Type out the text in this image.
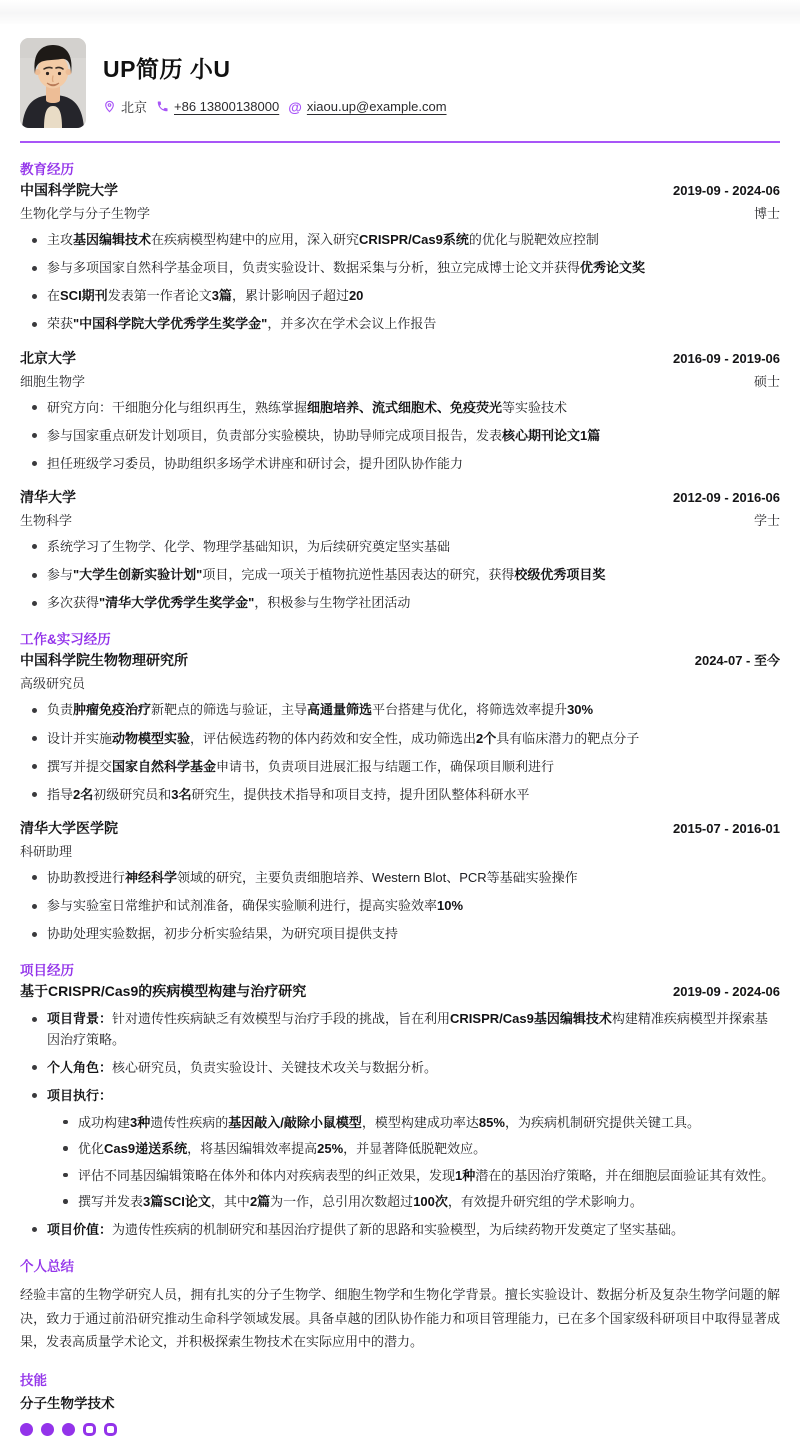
UP简历 小U
北京 +86 13800138000 @ xiaou.up@example.com
教育经历
中国科学院大学	2019-09 - 2024-06
生物化学与分子生物学	博士
主攻基因编辑技术在疾病模型构建中的应用，深入研究CRISPR/Cas9系统的优化与脱靶效应控制
参与多项国家自然科学基金项目，负责实验设计、数据采集与分析，独立完成博士论文并获得优秀论文奖
在SCI期刊发表第一作者论文3篇，累计影响因子超过20
荣获"中国科学院大学优秀学生奖学金"，并多次在学术会议上作报告
北京大学	2016-09 - 2019-06
细胞生物学	硕士
研究方向：干细胞分化与组织再生，熟练掌握细胞培养、流式细胞术、免疫荧光等实验技术
参与国家重点研发计划项目，负责部分实验模块，协助导师完成项目报告，发表核心期刊论文1篇
担任班级学习委员，协助组织多场学术讲座和研讨会，提升团队协作能力
清华大学	2012-09 - 2016-06
生物科学	学士
系统学习了生物学、化学、物理学基础知识，为后续研究奠定坚实基础
参与"大学生创新实验计划"项目，完成一项关于植物抗逆性基因表达的研究，获得校级优秀项目奖
多次获得"清华大学优秀学生奖学金"，积极参与生物学社团活动
工作&实习经历
中国科学院生物物理研究所	2024-07 - 至今
高级研究员
负责肿瘤免疫治疗新靶点的筛选与验证，主导高通量筛选平台搭建与优化，将筛选效率提升30%
设计并实施动物模型实验，评估候选药物的体内药效和安全性，成功筛选出2个具有临床潜力的靶点分子
撰写并提交国家自然科学基金申请书，负责项目进展汇报与结题工作，确保项目顺利进行
指导2名初级研究员和3名研究生，提供技术指导和项目支持，提升团队整体科研水平
清华大学医学院	2015-07 - 2016-01
科研助理
协助教授进行神经科学领域的研究，主要负责细胞培养、Western Blot、PCR等基础实验操作
参与实验室日常维护和试剂准备，确保实验顺利进行，提高实验效率10%
协助处理实验数据，初步分析实验结果，为研究项目提供支持
项目经历
基于CRISPR/Cas9的疾病模型构建与治疗研究	2019-09 - 2024-06
项目背景：针对遗传性疾病缺乏有效模型与治疗手段的挑战，旨在利用CRISPR/Cas9基因编辑技术构建精准疾病模型并探索基因治疗策略。
个人角色：核心研究员，负责实验设计、关键技术攻关与数据分析。
项目执行：
成功构建3种遗传性疾病的基因敲入/敲除小鼠模型，模型构建成功率达85%，为疾病机制研究提供关键工具。
优化Cas9递送系统，将基因编辑效率提高25%，并显著降低脱靶效应。
评估不同基因编辑策略在体外和体内对疾病表型的纠正效果，发现1种潜在的基因治疗策略，并在细胞层面验证其有效性。
撰写并发表3篇SCI论文，其中2篇为一作，总引用次数超过100次，有效提升研究组的学术影响力。
项目价值：为遗传性疾病的机制研究和基因治疗提供了新的思路和实验模型，为后续药物开发奠定了坚实基础。
个人总结

经验丰富的生物学研究人员，拥有扎实的分子生物学、细胞生物学和生物化学背景。擅长实验设计、数据分析及复杂生物学问题的解决，致力于通过前沿研究推动生命科学领域发展。具备卓越的团队协作能力和项目管理能力，已在多个国家级科研项目中取得显著成果，发表高质量学术论文，并积极探索生物技术在实际应用中的潜力。

技能
分子生物学技术
